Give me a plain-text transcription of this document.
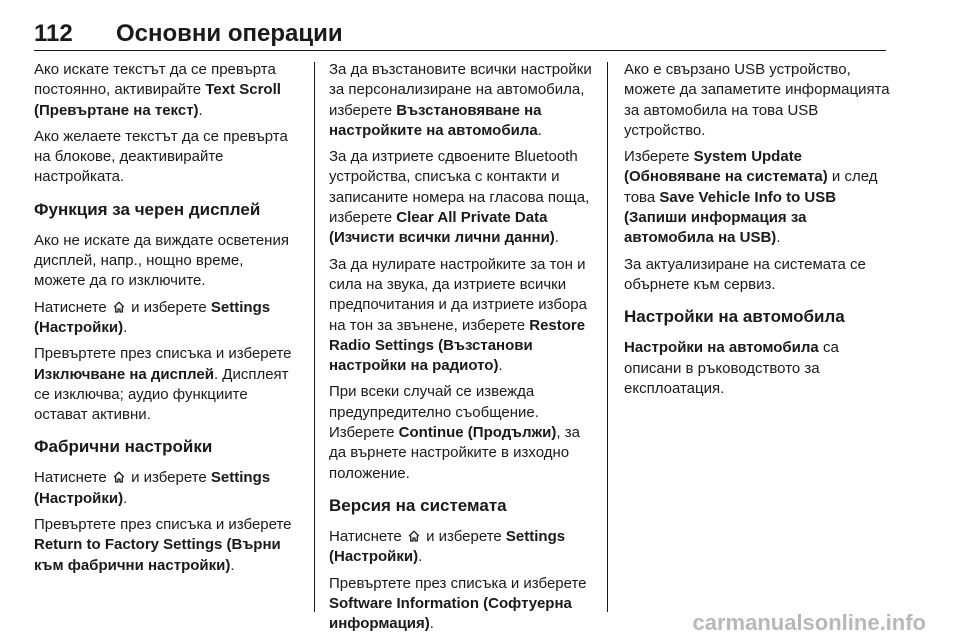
112 Основни операции

Ако искате текстът да се превърта постоянно, активирайте Text Scroll (Превъртане на текст).

Ако желаете текстът да се превърта на блокове, деактивирайте настройката.

Функция за черен дисплей

Ако не искате да виждате осветения дисплей, напр., нощно време, можете да го изключите.

Натиснете  и изберете Settings (Настройки).

Превъртете през списъка и изберете Изключване на дисплей. Дисплеят се изключва; аудио функциите остават активни.

Фабрични настройки

Натиснете  и изберете Settings (Настройки).

Превъртете през списъка и изберете Return to Factory Settings (Върни към фабрични настройки).

За да възстановите всички настройки за персонализиране на автомобила, изберете Възстановяване на настройките на автомобила.

За да изтриете сдвоените Bluetooth устройства, списъка с контакти и записаните номера на гласова поща, изберете Clear All Private Data (Изчисти всички лични данни).

За да нулирате настройките за тон и сила на звука, да изтриете всички предпочитания и да изтриете избора на тон за звънене, изберете Restore Radio Settings (Възстанови настройки на радиото).

При всеки случай се извежда предупредително съобщение. Изберете Continue (Продължи), за да върнете настройките в изходно положение.

Версия на системата

Натиснете  и изберете Settings (Настройки).

Превъртете през списъка и изберете Software Information (Софтуерна информация).

Ако е свързано USB устройство, можете да запаметите информацията за автомобила на това USB устройство.

Изберете System Update (Обновяване на системата) и след това Save Vehicle Info to USB (Запиши информация за автомобила на USB).

За актуализиране на системата се обърнете към сервиз.

Настройки на автомобила

Настройки на автомобила са описани в ръководството за експлоатация.

carmanualsonline.info
